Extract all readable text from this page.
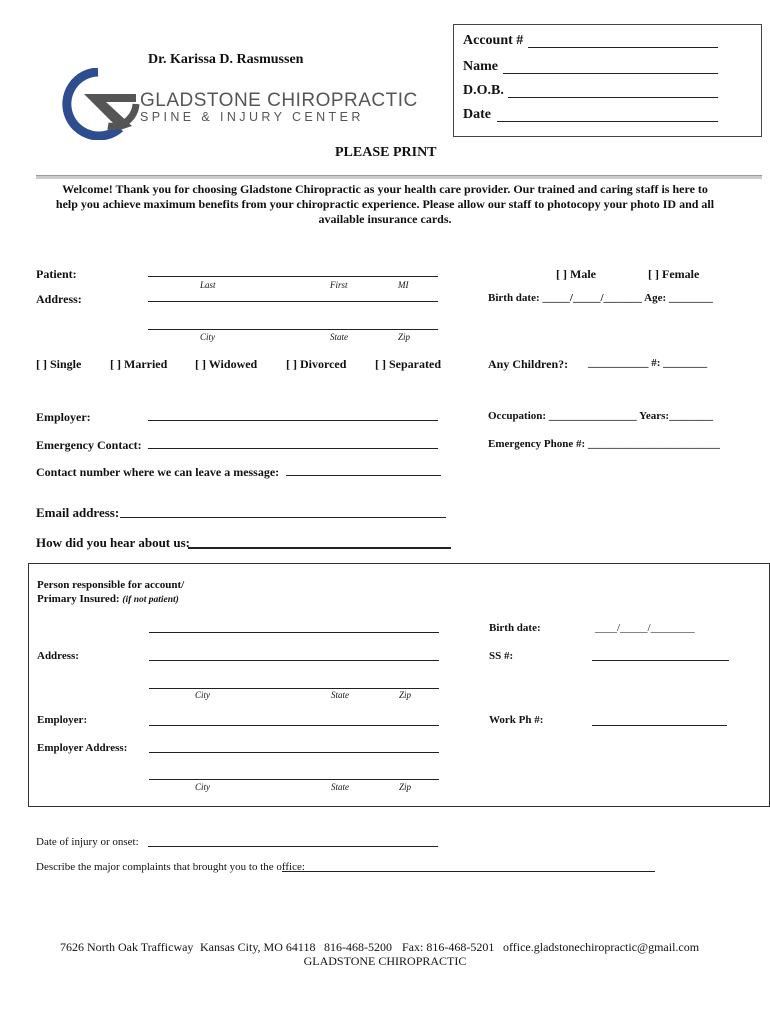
Dr. Karissa D. Rasmussen
GLADSTONE CHIROPRACTIC
SPINE & INJURY CENTER
Account #
Name
D.O.B.
Date
PLEASE PRINT
Welcome! Thank you for choosing Gladstone Chiropractic as your health care provider. Our trained and caring staff is here to
help you achieve maximum benefits from your chiropractic experience. Please allow our staff to photocopy your photo ID and all
available insurance cards.
Patient:
Last	First	MI
[ ] Male	[ ] Female
Address:	Birth date: _____/_____/_______ Age: ________
City	State	Zip
[ ] Single [ ] Married [ ] Widowed [ ] Divorced [ ] Separated	Any Children?: ___________ #: ________
Employer:	Occupation: ________________ Years:________
Emergency Contact:	Emergency Phone #: ________________________
Contact number where we can leave a message:
Email address:
How did you hear about us:
Person responsible for account/
Primary Insured: (if not patient)
Birth date:	____/_____/________
Address:	SS #:
City	State	Zip
Employer:	Work Ph #:
Employer Address:
City	State	Zip
Date of injury or onset:
Describe the major complaints that brought you to the office:
7626 North Oak Trafficway Kansas City, MO 64118 816-468-5200 Fax: 816-468-5201 office.gladstonechiropractic@gmail.com
GLADSTONE CHIROPRACTIC
